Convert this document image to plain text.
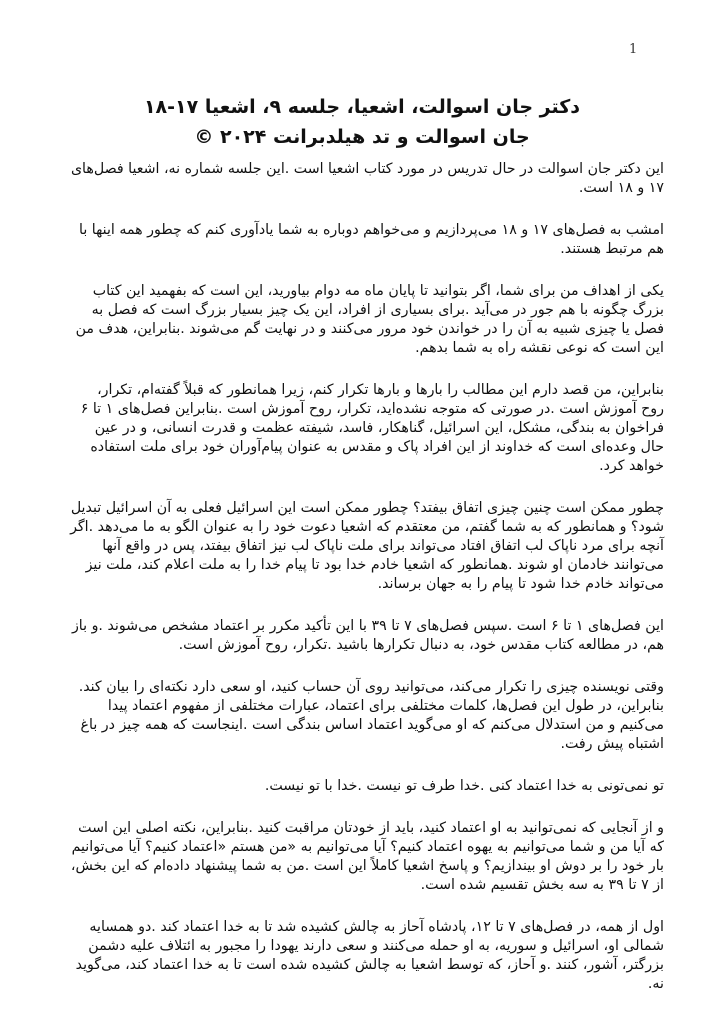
1
دکتر جان اسوالت، اشعیا، جلسه ۹، اشعیا ۱۷-۱۸
جان اسوالت و تد هیلدبرانت ۲۰۲۴ ©

این دکتر جان اسوالت در حال تدریس در مورد کتاب اشعیا است .این جلسه شماره نه، اشعیا فصل‌های ۱۷ و ۱۸ است.

امشب به فصل‌های ۱۷ و ۱۸ می‌پردازیم و می‌خواهم دوباره به شما یادآوری کنم که چطور همه اینها با هم مرتبط هستند.

یکی از اهداف من برای شما، اگر بتوانید تا پایان ماه مه دوام بیاورید، این است که بفهمید این کتاب بزرگ چگونه با هم جور در می‌آید .برای بسیاری از افراد، این یک چیز بسیار بزرگ است که فصل به فصل یا چیزی شبیه به آن را در خواندن خود مرور می‌کنند و در نهایت گم می‌شوند .بنابراین، هدف من این است که نوعی نقشه راه به شما بدهم.

بنابراین، من قصد دارم این مطالب را بارها و بارها تکرار کنم، زیرا همانطور که قبلاً گفته‌ام، تکرار، روح آموزش است .در صورتی که متوجه نشده‌اید، تکرار، روح آموزش است .بنابراین فصل‌های ۱ تا ۶ فراخوان به بندگی، مشکل، این اسرائیل، گناهکار، فاسد، شیفته عظمت و قدرت انسانی، و در عین حال وعده‌ای است که خداوند از این افراد پاک و مقدس به عنوان پیام‌آوران خود برای ملت استفاده خواهد کرد.

چطور ممکن است چنین چیزی اتفاق بیفتد؟ چطور ممکن است این اسرائیل فعلی به آن اسرائیل تبدیل شود؟ و همانطور که به شما گفتم، من معتقدم که اشعیا دعوت خود را به عنوان الگو به ما می‌دهد .اگر آنچه برای مرد ناپاک لب اتفاق افتاد می‌تواند برای ملت ناپاک لب نیز اتفاق بیفتد، پس در واقع آنها می‌توانند خادمان او شوند .همانطور که اشعیا خادم خدا بود تا پیام خدا را به ملت اعلام کند، ملت نیز می‌تواند خادم خدا شود تا پیام را به جهان برساند.

این فصل‌های ۱ تا ۶ است .سپس فصل‌های ۷ تا ۳۹ با این تأکید مکرر بر اعتماد مشخص می‌شوند .و باز هم، در مطالعه کتاب مقدس خود، به دنبال تکرارها باشید .تکرار، روح آموزش است.

وقتی نویسنده چیزی را تکرار می‌کند، می‌توانید روی آن حساب کنید، او سعی دارد نکته‌ای را بیان کند. بنابراین، در طول این فصل‌ها، کلمات مختلفی برای اعتماد، عبارات مختلفی از مفهوم اعتماد پیدا می‌کنیم و من استدلال می‌کنم که او می‌گوید اعتماد اساس بندگی است .اینجاست که همه چیز در باغ اشتباه پیش رفت.

تو نمی‌تونی به خدا اعتماد کنی .خدا طرف تو نیست .خدا با تو نیست.

و از آنجایی که نمی‌توانید به او اعتماد کنید، باید از خودتان مراقبت کنید .بنابراین، نکته اصلی این است که آیا من و شما می‌توانیم به یهوه اعتماد کنیم؟ آیا می‌توانیم به «من هستم «اعتماد کنیم؟ آیا می‌توانیم بار خود را بر دوش او بیندازیم؟ و پاسخ اشعیا کاملاً این است .من به شما پیشنهاد داده‌ام که این بخش، از ۷ تا ۳۹ به سه بخش تقسیم شده است.

اول از همه، در فصل‌های ۷ تا ۱۲، پادشاه آحاز به چالش کشیده شد تا به خدا اعتماد کند .دو همسایه شمالی او، اسرائیل و سوریه، به او حمله می‌کنند و سعی دارند یهودا را مجبور به ائتلاف علیه دشمن بزرگتر، آشور، کنند .و آحاز، که توسط اشعیا به چالش کشیده شده است تا به خدا اعتماد کند، می‌گوید نه.
